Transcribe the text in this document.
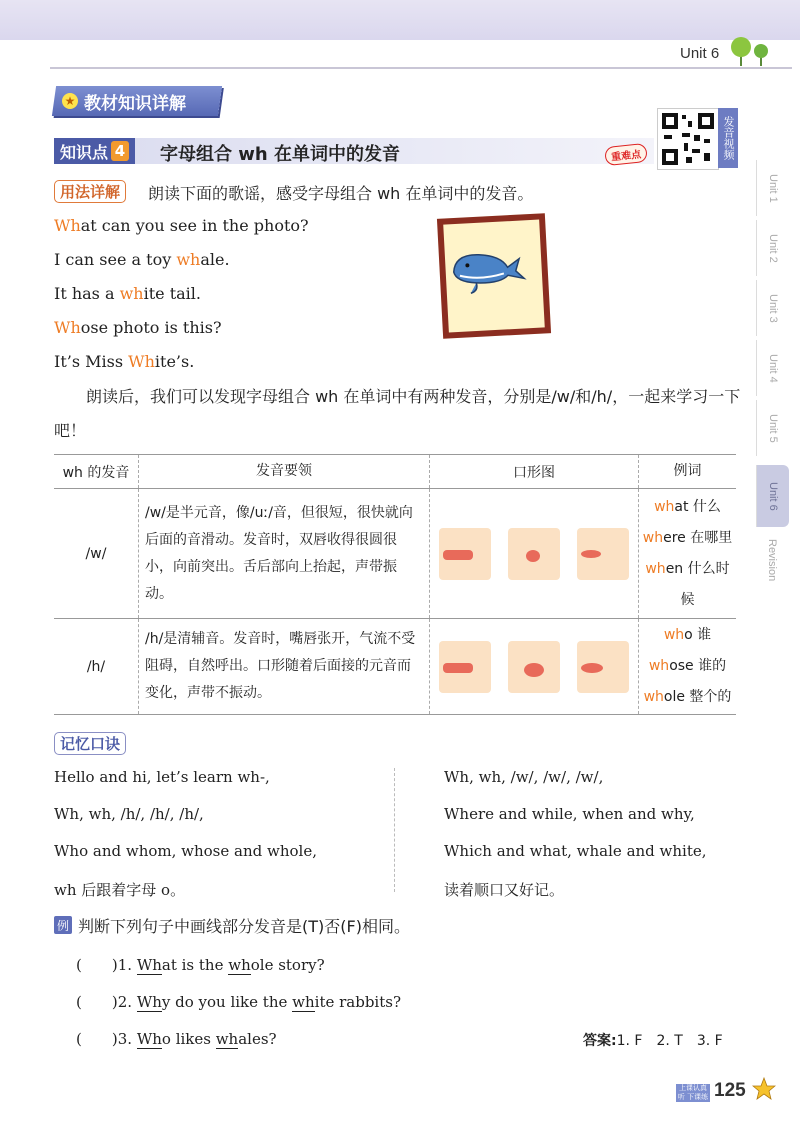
Unit 6
★ 教材知识详解
知识点 4 字母组合 wh 在单词中的发音	重难点	发音视频
Unit 1
Unit 2
Unit 3
Unit 4
Unit 5
Unit 6
Revision
用法详解	朗读下面的歌谣，感受字母组合 wh 在单词中的发音。
What can you see in the photo?
I can see a toy whale.
It has a white tail.
Whose photo is this?
It’s Miss White’s.
　　朗读后，我们可以发现字母组合 wh 在单词中有两种发音，分别是/w/和/h/，一起来学习一下吧！
wh 的发音	发音要领	口形图	例词
/w/	/w/是半元音，像/uː/音，但很短，很快就向后面的音滑动。发音时，双唇收得很圆很小，向前突出。舌后部向上抬起，声带振动。		what 什么
where 在哪里
when 什么时候

/h/	/h/是清辅音。发音时，嘴唇张开，气流不受阻碍，自然呼出。口形随着后面接的元音而变化，声带不振动。		who 谁
whose 谁的
whole 整个的
记忆口诀
Hello and hi, let’s learn wh-,
Wh, wh, /h/, /h/, /h/,
Who and whom, whose and whole,
wh 后跟着字母 o。
Wh, wh, /w/, /w/, /w/,
Where and while, when and why,
Which and what, whale and white,
读着顺口又好记。
例 判断下列句子中画线部分发音是(T)否(F)相同。
(　　)1. What is the whole story?
(　　)2. Why do you like the white rabbits?
(　　)3. Who likes whales?	答案:1. F　2. T　3. F
上课认真听 下课练天堂
125
